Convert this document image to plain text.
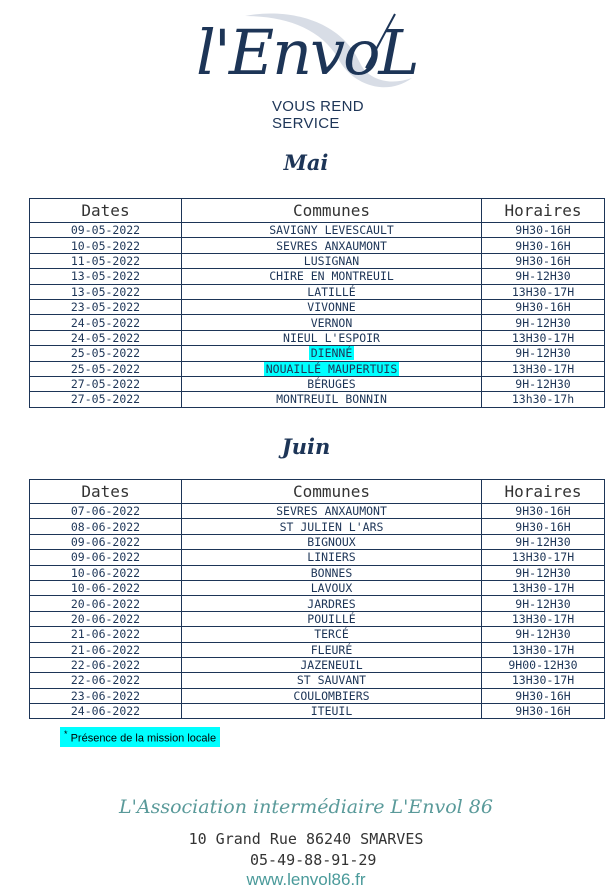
l'EnvoL
VOUS REND SERVICE
Mai
Dates	Communes	Horaires
09-05-2022	SAVIGNY LEVESCAULT	9H30-16H
10-05-2022	SEVRES ANXAUMONT	9H30-16H
11-05-2022	LUSIGNAN	9H30-16H
13-05-2022	CHIRE EN MONTREUIL	9H-12H30
13-05-2022	LATILLÉ	13H30-17H
23-05-2022	VIVONNE	9H30-16H
24-05-2022	VERNON	9H-12H30
24-05-2022	NIEUL L'ESPOIR	13H30-17H
25-05-2022	DIENNÉ	9H-12H30
25-05-2022	NOUAILLÉ MAUPERTUIS	13H30-17H
27-05-2022	BÉRUGES	9H-12H30
27-05-2022	MONTREUIL BONNIN	13h30-17h
Juin
Dates	Communes	Horaires
07-06-2022	SEVRES ANXAUMONT	9H30-16H
08-06-2022	ST JULIEN L'ARS	9H30-16H
09-06-2022	BIGNOUX	9H-12H30
09-06-2022	LINIERS	13H30-17H
10-06-2022	BONNES	9H-12H30
10-06-2022	LAVOUX	13H30-17H
20-06-2022	JARDRES	9H-12H30
20-06-2022	POUILLÉ	13H30-17H
21-06-2022	TERCÉ	9H-12H30
21-06-2022	FLEURÉ	13H30-17H
22-06-2022	JAZENEUIL	9H00-12H30
22-06-2022	ST SAUVANT	13H30-17H
23-06-2022	COULOMBIERS	9H30-16H
24-06-2022	ITEUIL	9H30-16H
* Présence de la mission locale
L'Association intermédiaire L'Envol 86
10 Grand Rue 86240 SMARVES
05-49-88-91-29
www.lenvol86.fr
